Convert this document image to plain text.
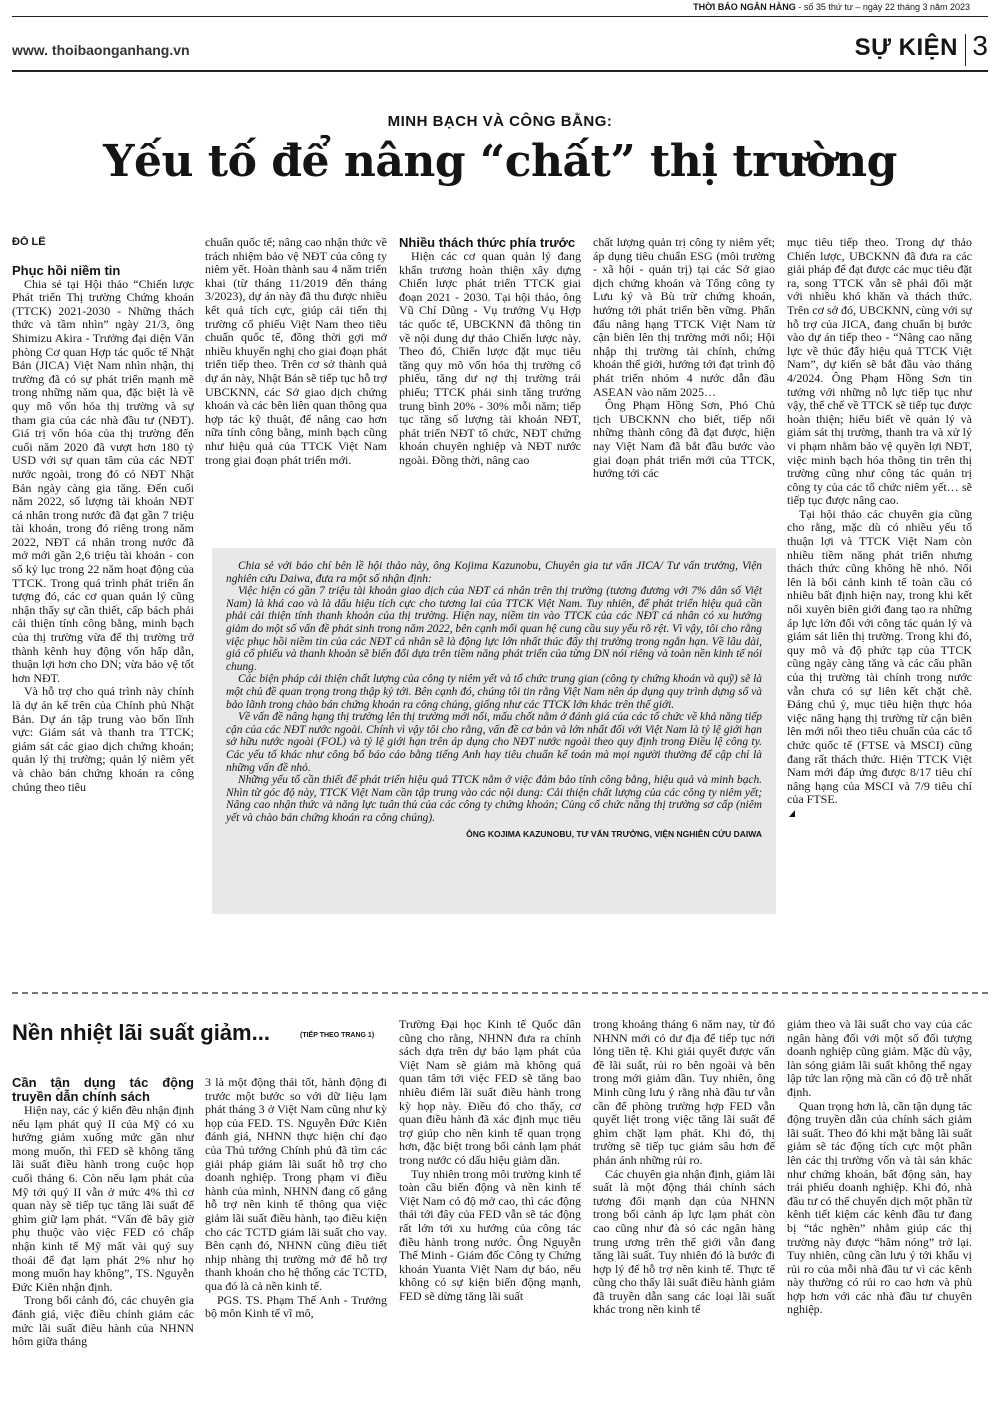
THỜI BÁO NGÂN HÀNG - số 35 thứ tư – ngày 22 tháng 3 năm 2023
www. thoibaonganhang.vn	SỰ KIỆN 3
MINH BẠCH VÀ CÔNG BẰNG:
Yếu tố để nâng “chất” thị trường
ĐỖ LÊ
Phục hồi niềm tin

Chia sẻ tại Hội thảo “Chiến lược Phát triển Thị trường Chứng khoán (TTCK) 2021-2030 - Những thách thức và tầm nhìn” ngày 21/3, ông Shimizu Akira - Trưởng đại diện Văn phòng Cơ quan Hợp tác quốc tế Nhật Bản (JICA) Việt Nam nhìn nhận, thị trường đã có sự phát triển mạnh mẽ trong những năm qua, đặc biệt là về quy mô vốn hóa thị trường và sự tham gia của các nhà đầu tư (NĐT). Giá trị vốn hóa của thị trường đến cuối năm 2020 đã vượt hơn 180 tỷ USD với sự quan tâm của các NĐT nước ngoài, trong đó có NĐT Nhật Bản ngày càng gia tăng. Đến cuối năm 2022, số lượng tài khoản NĐT cá nhân trong nước đã đạt gần 7 triệu tài khoản, trong đó riêng trong năm 2022, NĐT cá nhân trong nước đã mở mới gần 2,6 triệu tài khoản - con số kỷ lục trong 22 năm hoạt động của TTCK. Trong quá trình phát triển ấn tượng đó, các cơ quan quản lý cũng nhận thấy sự cần thiết, cấp bách phải cải thiện tính công bằng, minh bạch của thị trường vừa để thị trường trở thành kênh huy động vốn hấp dẫn, thuận lợi hơn cho DN; vừa bảo vệ tốt hơn NĐT.

Và hỗ trợ cho quá trình này chính là dự án kể trên của Chính phủ Nhật Bản. Dự án tập trung vào bốn lĩnh vực: Giám sát và thanh tra TTCK; giám sát các giao dịch chứng khoán; quản lý thị trường; quản lý niêm yết và chào bán chứng khoán ra công chúng theo tiêu

chuẩn quốc tế; nâng cao nhận thức về trách nhiệm bảo vệ NĐT của công ty niêm yết. Hoàn thành sau 4 năm triển khai (từ tháng 11/2019 đến tháng 3/2023), dự án này đã thu được nhiều kết quả tích cực, giúp cải tiến thị trường cổ phiếu Việt Nam theo tiêu chuẩn quốc tế, đồng thời gợi mở nhiều khuyến nghị cho giai đoạn phát triển tiếp theo. Trên cơ sở thành quả dự án này, Nhật Bản sẽ tiếp tục hỗ trợ UBCKNN, các Sở giao dịch chứng khoán và các bên liên quan thông qua hợp tác kỹ thuật, để nâng cao hơn nữa tính công bằng, minh bạch cũng như hiệu quả của TTCK Việt Nam trong giai đoạn phát triển mới.

Nhiều thách thức phía trước

Hiện các cơ quan quản lý đang khẩn trương hoàn thiện xây dựng Chiến lược phát triển TTCK giai đoạn 2021 - 2030. Tại hội thảo, ông Vũ Chí Dũng - Vụ trưởng Vụ Hợp tác quốc tế, UBCKNN đã thông tin về nội dung dự thảo Chiến lược này. Theo đó, Chiến lược đặt mục tiêu tăng quy mô vốn hóa thị trường cổ phiếu, tăng dư nợ thị trường trái phiếu; TTCK phải sinh tăng trưởng trung bình 20% - 30% mỗi năm; tiếp tục tăng số lượng tài khoản NĐT, phát triển NĐT tổ chức, NĐT chứng khoán chuyên nghiệp và NĐT nước ngoài. Đồng thời, nâng cao

chất lượng quản trị công ty niêm yết; áp dụng tiêu chuẩn ESG (môi trường - xã hội - quản trị) tại các Sở giao dịch chứng khoán và Tổng công ty Lưu ký và Bù trừ chứng khoán, hướng tới phát triển bền vững. Phấn đấu nâng hạng TTCK Việt Nam từ cận biên lên thị trường mới nổi; Hội nhập thị trường tài chính, chứng khoán thế giới, hướng tới đạt trình độ phát triển nhóm 4 nước dẫn đầu ASEAN vào năm 2025…

Ông Phạm Hồng Sơn, Phó Chủ tịch UBCKNN cho biết, tiếp nối những thành công đã đạt được, hiện nay Việt Nam đã bắt đầu bước vào giai đoạn phát triển mới của TTCK, hướng tới các

mục tiêu tiếp theo. Trong dự thảo Chiến lược, UBCKNN đã đưa ra các giải pháp để đạt được các mục tiêu đặt ra, song TTCK vẫn sẽ phải đối mặt với nhiều khó khăn và thách thức. Trên cơ sở đó, UBCKNN, cùng với sự hỗ trợ của JICA, đang chuẩn bị bước vào dự án tiếp theo - “Nâng cao năng lực về thúc đẩy hiệu quả TTCK Việt Nam”, dự kiến sẽ bắt đầu vào tháng 4/2024. Ông Phạm Hồng Sơn tin tưởng với những nỗ lực tiếp tục như vậy, thể chế về TTCK sẽ tiếp tục được hoàn thiện; hiểu biết về quản lý và giám sát thị trường, thanh tra và xử lý vi phạm nhằm bảo vệ quyền lợi NĐT, việc minh bạch hóa thông tin trên thị trường cũng như công tác quản trị công ty của các tổ chức niêm yết… sẽ tiếp tục được nâng cao.

Tại hội thảo các chuyên gia cũng cho rằng, mặc dù có nhiều yếu tố thuận lợi và TTCK Việt Nam còn nhiều tiềm năng phát triển nhưng thách thức cũng không hề nhỏ. Nổi lên là bối cảnh kinh tế toàn cầu có nhiều bất định hiện nay, trong khi kết nối xuyên biên giới đang tạo ra những áp lực lớn đối với công tác quản lý và giám sát liên thị trường. Trong khi đó, quy mô và độ phức tạp của TTCK cũng ngày càng tăng và các cấu phần của thị trường tài chính trong nước vẫn chưa có sự liên kết chặt chẽ. Đáng chú ý, mục tiêu hiện thực hóa việc nâng hạng thị trường từ cận biên lên mới nổi theo tiêu chuẩn của các tổ chức quốc tế (FTSE và MSCI) cũng đang rất thách thức. Hiện TTCK Việt Nam mới đáp ứng được 8/17 tiêu chí nâng hạng của MSCI và 7/9 tiêu chí của FTSE.

Chia sẻ với báo chí bên lề hội thảo này, ông Kojima Kazunobu, Chuyên gia tư vấn JICA/ Tư vấn trưởng, Viện nghiên cứu Daiwa, đưa ra một số nhận định:

Việc hiện có gần 7 triệu tài khoản giao dịch của NĐT cá nhân trên thị trường (tương đương với 7% dân số Việt Nam) là khá cao và là dấu hiệu tích cực cho tương lai của TTCK Việt Nam. Tuy nhiên, để phát triển hiệu quả cần phải cải thiện tính thanh khoản của thị trường. Hiện nay, niềm tin vào TTCK của các NĐT cá nhân có xu hướng giảm do một số vấn đề phát sinh trong năm 2022, bên cạnh mối quan hệ cung cầu suy yếu rõ rệt. Vì vậy, tôi cho rằng việc phục hồi niềm tin của các NĐT cá nhân sẽ là động lực lớn nhất thúc đẩy thị trường trong ngắn hạn. Về lâu dài, giá cổ phiếu và thanh khoản sẽ biến đổi dựa trên tiềm năng phát triển của từng DN nói riêng và toàn nền kinh tế nói chung.

Các biện pháp cải thiện chất lượng của công ty niêm yết và tổ chức trung gian (công ty chứng khoán và quỹ) sẽ là một chủ đề quan trọng trong thập kỷ tới. Bên cạnh đó, chúng tôi tin rằng Việt Nam nên áp dụng quy trình dựng sổ và bảo lãnh trong chào bán chứng khoán ra công chúng, giống như các TTCK lớn khác trên thế giới.

Về vấn đề nâng hạng thị trường lên thị trường mới nổi, mấu chốt nằm ở đánh giá của các tổ chức về khả năng tiếp cận của các NĐT nước ngoài. Chính vì vậy tôi cho rằng, vấn đề cơ bản và lớn nhất đối với Việt Nam là tỷ lệ giới hạn sở hữu nước ngoài (FOL) và tỷ lệ giới hạn trên áp dụng cho NĐT nước ngoài theo quy định trong Điều lệ công ty. Các yếu tố khác như công bố báo cáo bằng tiếng Anh hay tiêu chuẩn kế toán mà mọi người thường để cập chỉ là những vấn đề nhỏ.

Những yếu tố cần thiết để phát triển hiệu quả TTCK nằm ở việc đảm bảo tính công bằng, hiệu quả và minh bạch. Nhìn từ góc độ này, TTCK Việt Nam cần tập trung vào các nội dung: Cải thiện chất lượng của các công ty niêm yết; Nâng cao nhận thức và năng lực tuân thủ của các công ty chứng khoán; Củng cố chức năng thị trường sơ cấp (niêm yết và chào bán chứng khoán ra công chúng).

ÔNG KOJIMA KAZUNOBU, TƯ VẤN TRƯỞNG, VIỆN NGHIÊN CỨU DAIWA

Nền nhiệt lãi suất giảm...	(TIẾP THEO TRANG 1)
Cần tận dụng tác động truyền dẫn chính sách

Hiện nay, các ý kiến đều nhận định nếu lạm phát quý II của Mỹ có xu hướng giảm xuống mức gần như mong muốn, thì FED sẽ không tăng lãi suất điều hành trong cuộc họp cuối tháng 6. Còn nếu lạm phát của Mỹ tới quý II vẫn ở mức 4% thì cơ quan này sẽ tiếp tục tăng lãi suất để ghìm giữ lạm phát. “Vấn đề bây giờ phụ thuộc vào việc FED có chấp nhận kinh tế Mỹ mất vài quý suy thoái để đạt lạm phát 2% như họ mong muốn hay không”, TS. Nguyễn Đức Kiên nhận định.

Trong bối cảnh đó, các chuyên gia đánh giá, việc điều chỉnh giảm các mức lãi suất điều hành của NHNN hôm giữa tháng

3 là một động thái tốt, hành động đi trước một bước so với dữ liệu lạm phát tháng 3 ở Việt Nam cũng như kỳ họp của FED. TS. Nguyễn Đức Kiên đánh giá, NHNN thực hiện chỉ đạo của Thủ tướng Chính phủ đã tìm các giải pháp giảm lãi suất hỗ trợ cho doanh nghiệp. Trong phạm vi điều hành của mình, NHNN đang cố gắng hỗ trợ nền kinh tế thông qua việc giảm lãi suất điều hành, tạo điều kiện cho các TCTD giảm lãi suất cho vay. Bên cạnh đó, NHNN cũng điều tiết nhịp nhàng thị trường mở để hỗ trợ thanh khoản cho hệ thống các TCTD, qua đó là cả nền kinh tế.

PGS. TS. Phạm Thế Anh - Trưởng bộ môn Kinh tế vĩ mô,

Trường Đại học Kinh tế Quốc dân cũng cho rằng, NHNN đưa ra chính sách dựa trên dự báo lạm phát của Việt Nam sẽ giảm mà không quá quan tâm tới việc FED sẽ tăng bao nhiêu điểm lãi suất điều hành trong kỳ họp này. Điều đó cho thấy, cơ quan điều hành đã xác định mục tiêu trợ giúp cho nền kinh tế quan trọng hơn, đặc biệt trong bối cảnh lạm phát trong nước có dấu hiệu giảm dần.

Tuy nhiên trong môi trường kinh tế toàn cầu biến động và nền kinh tế Việt Nam có độ mở cao, thì các động thái tới đây của FED vẫn sẽ tác động rất lớn tới xu hướng của công tác điều hành trong nước. Ông Nguyễn Thế Minh - Giám đốc Công ty Chứng khoán Yuanta Việt Nam dự báo, nếu không có sự kiện biến động mạnh, FED sẽ dừng tăng lãi suất

trong khoảng tháng 6 năm nay, từ đó NHNN mới có dư địa để tiếp tục nới lỏng tiền tệ. Khi giải quyết được vấn đề lãi suất, rủi ro bên ngoài và bên trong mới giảm dần. Tuy nhiên, ông Minh cũng lưu ý rằng nhà đầu tư vẫn cần để phòng trường hợp FED vẫn quyết liệt trong việc tăng lãi suất để ghìm chặt lạm phát. Khi đó, thị trường sẽ tiếp tục giảm sâu hơn để phản ánh những rủi ro.

Các chuyên gia nhận định, giảm lãi suất là một động thái chính sách tương đối mạnh dạn của NHNN trong bối cảnh áp lực lạm phát còn cao cũng như đà só các ngân hàng trung ương trên thế giới vẫn đang tăng lãi suất. Tuy nhiên đó là bước đi hợp lý để hỗ trợ nền kinh tế. Thực tế cũng cho thấy lãi suất điều hành giảm đã truyền dẫn sang các loại lãi suất khác trong nền kinh tế

giảm theo và lãi suất cho vay của các ngân hàng đối với một số đối tượng doanh nghiệp cũng giảm. Mặc dù vậy, làn sóng giảm lãi suất không thể ngay lập tức lan rộng mà cần có độ trễ nhất định.

Quan trọng hơn là, cần tận dụng tác động truyền dẫn của chính sách giảm lãi suất. Theo đó khi mặt bằng lãi suất giảm sẽ tác động tích cực một phần lên các thị trường vốn và tài sản khác như chứng khoán, bất động sản, hay trái phiếu doanh nghiệp. Khi đó, nhà đầu tư có thể chuyển dịch một phần từ kênh tiết kiệm các kênh đầu tư đang bị “tắc nghẽn” nhằm giúp các thị trường này được “hâm nóng” trở lại. Tuy nhiên, cũng cần lưu ý tới khẩu vị rủi ro của mỗi nhà đầu tư vì các kênh này thường có rủi ro cao hơn và phù hợp hơn với các nhà đầu tư chuyên nghiệp.
